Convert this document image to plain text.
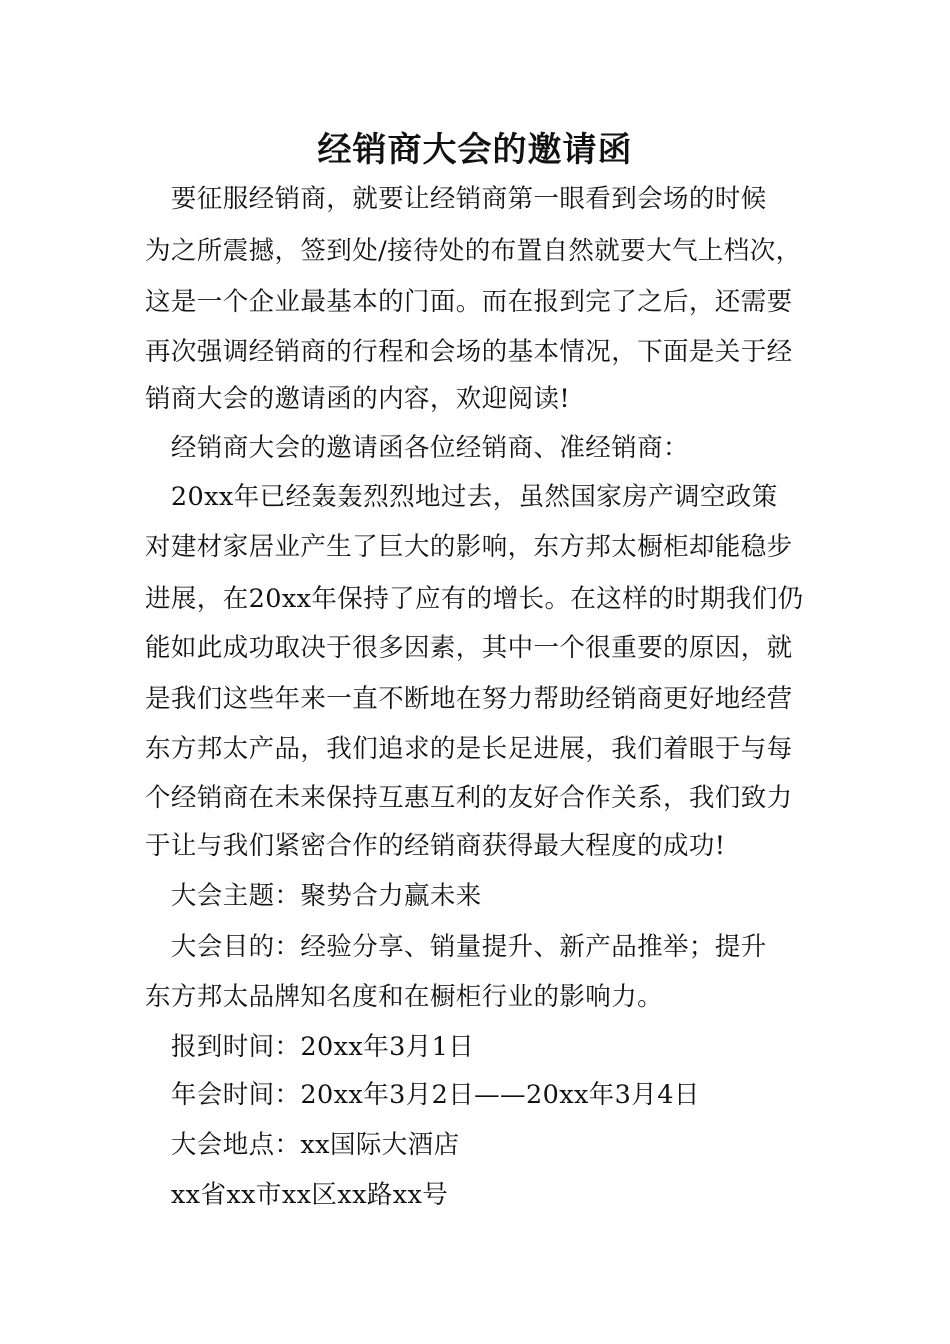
经销商大会的邀请函
　要征服经销商，就要让经销商第一眼看到会场的时候
为之所震撼，签到处/接待处的布置自然就要大气上档次，
这是一个企业最基本的门面。而在报到完了之后，还需要
再次强调经销商的行程和会场的基本情况，下面是关于经
销商大会的邀请函的内容，欢迎阅读!
　经销商大会的邀请函各位经销商、准经销商：
　20xx年已经轰轰烈烈地过去，虽然国家房产调空政策
对建材家居业产生了巨大的影响，东方邦太橱柜却能稳步
进展，在20xx年保持了应有的增长。在这样的时期我们仍
能如此成功取决于很多因素，其中一个很重要的原因，就
是我们这些年来一直不断地在努力帮助经销商更好地经营
东方邦太产品，我们追求的是长足进展，我们着眼于与每
个经销商在未来保持互惠互利的友好合作关系，我们致力
于让与我们紧密合作的经销商获得最大程度的成功!
　大会主题：聚势合力赢未来
　大会目的：经验分享、销量提升、新产品推举；提升
东方邦太品牌知名度和在橱柜行业的影响力。
　报到时间：20xx年3月1日
　年会时间：20xx年3月2日——20xx年3月4日
　大会地点：xx国际大酒店
　xx省xx市xx区xx路xx号
